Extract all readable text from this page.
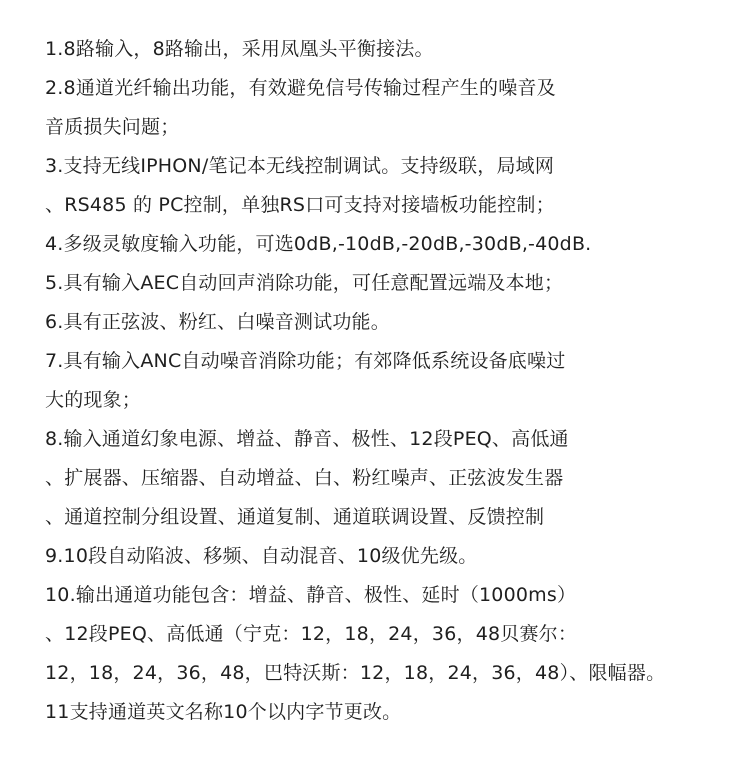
1.8路输入，8路输出，采用凤凰头平衡接法。
2.8通道光纤输出功能，有效避免信号传输过程产生的噪音及
音质损失问题；
3.支持无线IPHON/笔记本无线控制调试。支持级联，局域网
、RS485 的 PC控制，单独RS口可支持对接墙板功能控制；
4.多级灵敏度输入功能，可选0dB,-10dB,-20dB,-30dB,-40dB.
5.具有输入AEC自动回声消除功能，可任意配置远端及本地；
6.具有正弦波、粉红、白噪音测试功能。
7.具有输入ANC自动噪音消除功能；有郊降低系统设备底噪过
大的现象；
8.输入通道幻象电源、增益、静音、极性、12段PEQ、高低通
、扩展器、压缩器、自动增益、白、粉红噪声、正弦波发生器
、通道控制分组设置、通道复制、通道联调设置、反馈控制
9.10段自动陷波、移频、自动混音、10级优先级。
10.输出通道功能包含：增益、静音、极性、延时（1000ms）
、12段PEQ、高低通（宁克：12，18，24，36，48贝赛尔：
12，18，24，36，48，巴特沃斯：12，18，24，36，48）、限幅器。
11支持通道英文名称10个以内字节更改。
